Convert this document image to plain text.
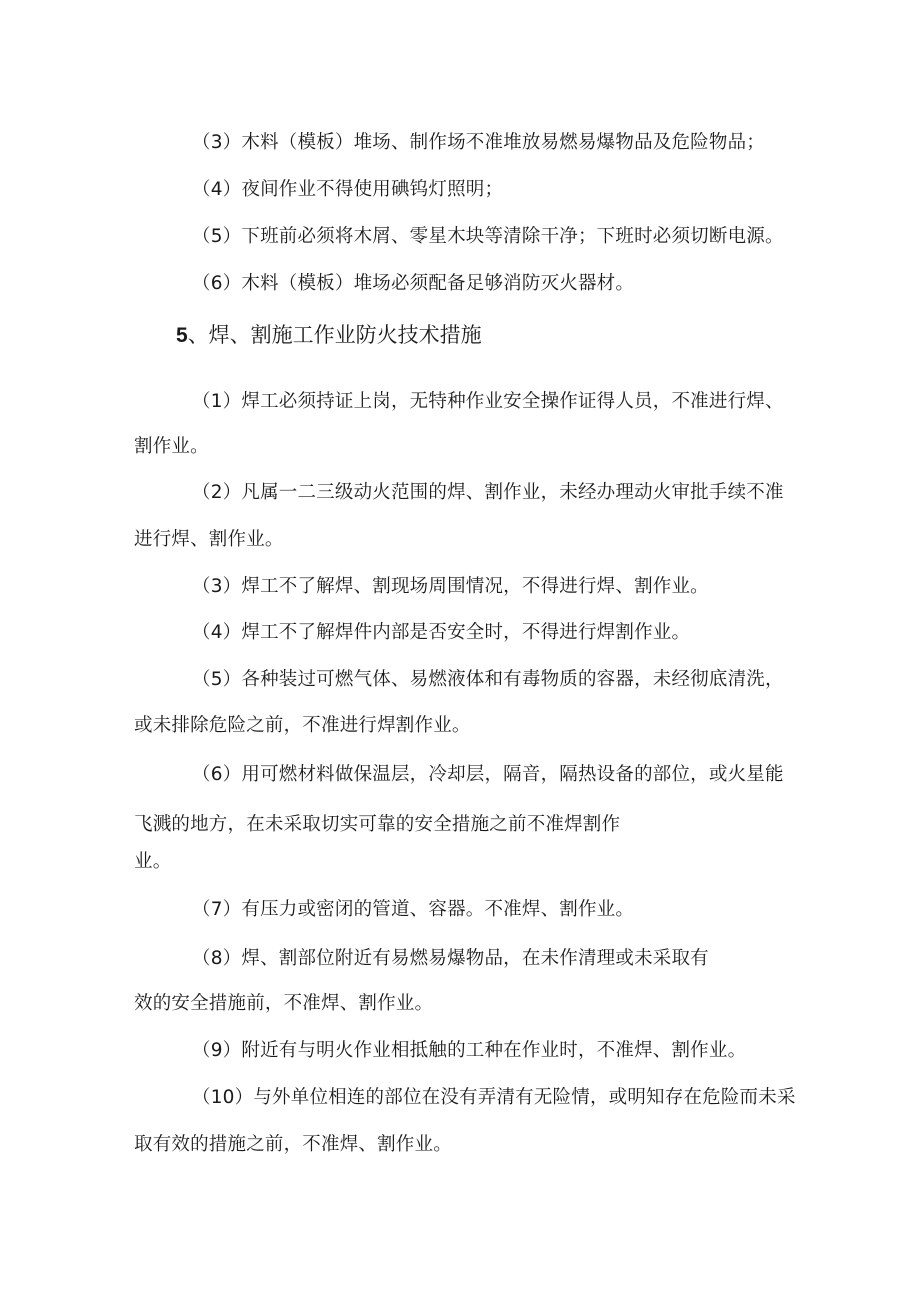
（3）木料（模板）堆场、制作场不准堆放易燃易爆物品及危险物品；

（4）夜间作业不得使用碘钨灯照明；

（5）下班前必须将木屑、零星木块等清除干净；下班时必须切断电源。

（6）木料（模板）堆场必须配备足够消防灭火器材。

5、焊、割施工作业防火技术措施

（1）焊工必须持证上岗，无特种作业安全操作证得人员，不准进行焊、

割作业。

（2）凡属一二三级动火范围的焊、割作业，未经办理动火审批手续不准

进行焊、割作业。

（3）焊工不了解焊、割现场周围情况，不得进行焊、割作业。

（4）焊工不了解焊件内部是否安全时，不得进行焊割作业。

（5）各种装过可燃气体、易燃液体和有毒物质的容器，未经彻底清洗，

或未排除危险之前，不准进行焊割作业。

（6）用可燃材料做保温层，冷却层，隔音，隔热设备的部位，或火星能

飞溅的地方，在未采取切实可靠的安全措施之前不准焊割作

业。

（7）有压力或密闭的管道、容器。不准焊、割作业。

（8）焊、割部位附近有易燃易爆物品，在未作清理或未采取有

效的安全措施前，不准焊、割作业。

（9）附近有与明火作业相抵触的工种在作业时，不准焊、割作业。

（10）与外单位相连的部位在没有弄清有无险情，或明知存在危险而未采

取有效的措施之前，不准焊、割作业。
